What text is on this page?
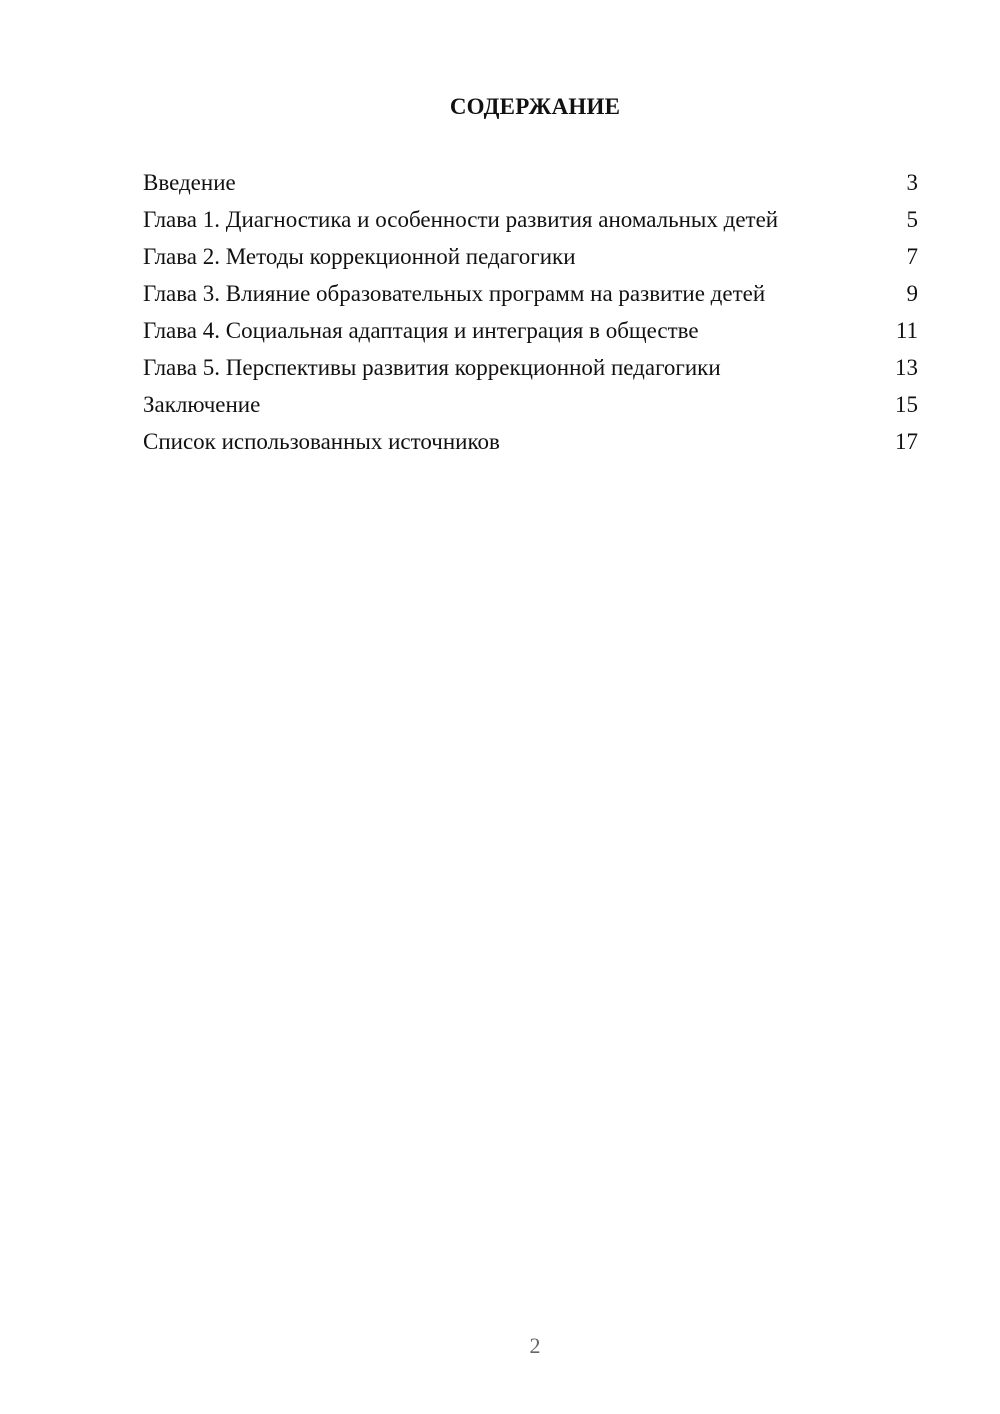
СОДЕРЖАНИЕ
Введение	3
Глава 1. Диагностика и особенности развития аномальных детей	5
Глава 2. Методы коррекционной педагогики	7
Глава 3. Влияние образовательных программ на развитие детей	9
Глава 4. Социальная адаптация и интеграция в обществе	11
Глава 5. Перспективы развития коррекционной педагогики	13
Заключение	15
Список использованных источников	17
2
